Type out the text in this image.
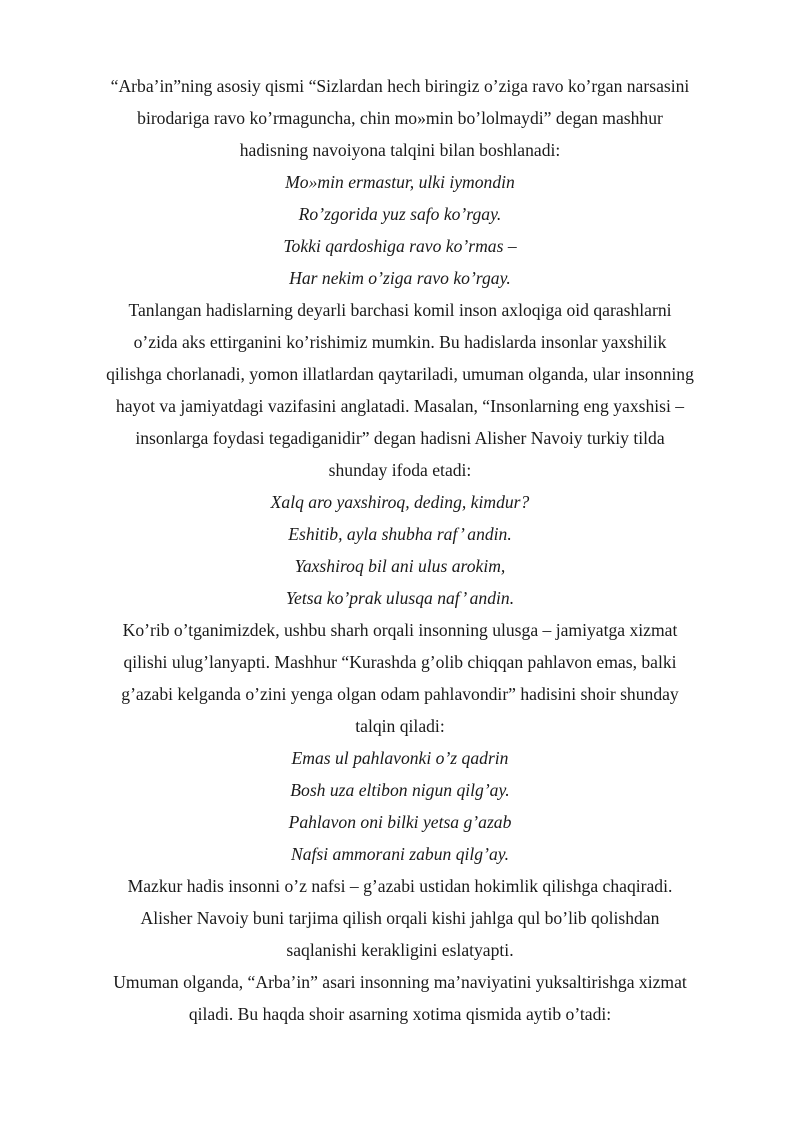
“Arba’in”ning asosiy qismi “Sizlardan hech biringiz o’ziga ravo ko’rgan narsasini
birodariga ravo ko’rmaguncha, chin mo»min bo’lolmaydi” degan mashhur
hadisning navoiyona talqini bilan boshlanadi:
Mo»min ermastur, ulki iymondin
Ro’zgorida yuz safo ko’rgay.
Tokki qardoshiga ravo ko’rmas –
Har nekim o’ziga ravo ko’rgay.
Tanlangan hadislarning deyarli barchasi komil inson axloqiga oid qarashlarni
o’zida aks ettirganini ko’rishimiz mumkin. Bu hadislarda insonlar yaxshilik
qilishga chorlanadi, yomon illatlardan qaytariladi, umuman olganda, ular insonning
hayot va jamiyatdagi vazifasini anglatadi. Masalan, “Insonlarning eng yaxshisi –
insonlarga foydasi tegadiganidir” degan hadisni Alisher Navoiy turkiy tilda
shunday ifoda etadi:
Xalq aro yaxshiroq, deding, kimdur?
Eshitib, ayla shubha raf’ andin.
Yaxshiroq bil ani ulus arokim,
Yetsa ko’prak ulusqa naf’ andin.
Ko’rib o’tganimizdek, ushbu sharh orqali insonning ulusga – jamiyatga xizmat
qilishi ulug’lanyapti. Mashhur “Kurashda g’olib chiqqan pahlavon emas, balki
g’azabi kelganda o’zini yenga olgan odam pahlavondir” hadisini shoir shunday
talqin qiladi:
Emas ul pahlavonki o’z qadrin
Bosh uza eltibon nigun qilg’ay.
Pahlavon oni bilki yetsa g’azab
Nafsi ammorani zabun qilg’ay.
Mazkur hadis insonni o’z nafsi – g’azabi ustidan hokimlik qilishga chaqiradi.
Alisher Navoiy buni tarjima qilish orqali kishi jahlga qul bo’lib qolishdan
saqlanishi kerakligini eslatyapti.
Umuman olganda, “Arba’in” asari insonning ma’naviyatini yuksaltirishga xizmat
qiladi. Bu haqda shoir asarning xotima qismida aytib o’tadi:
